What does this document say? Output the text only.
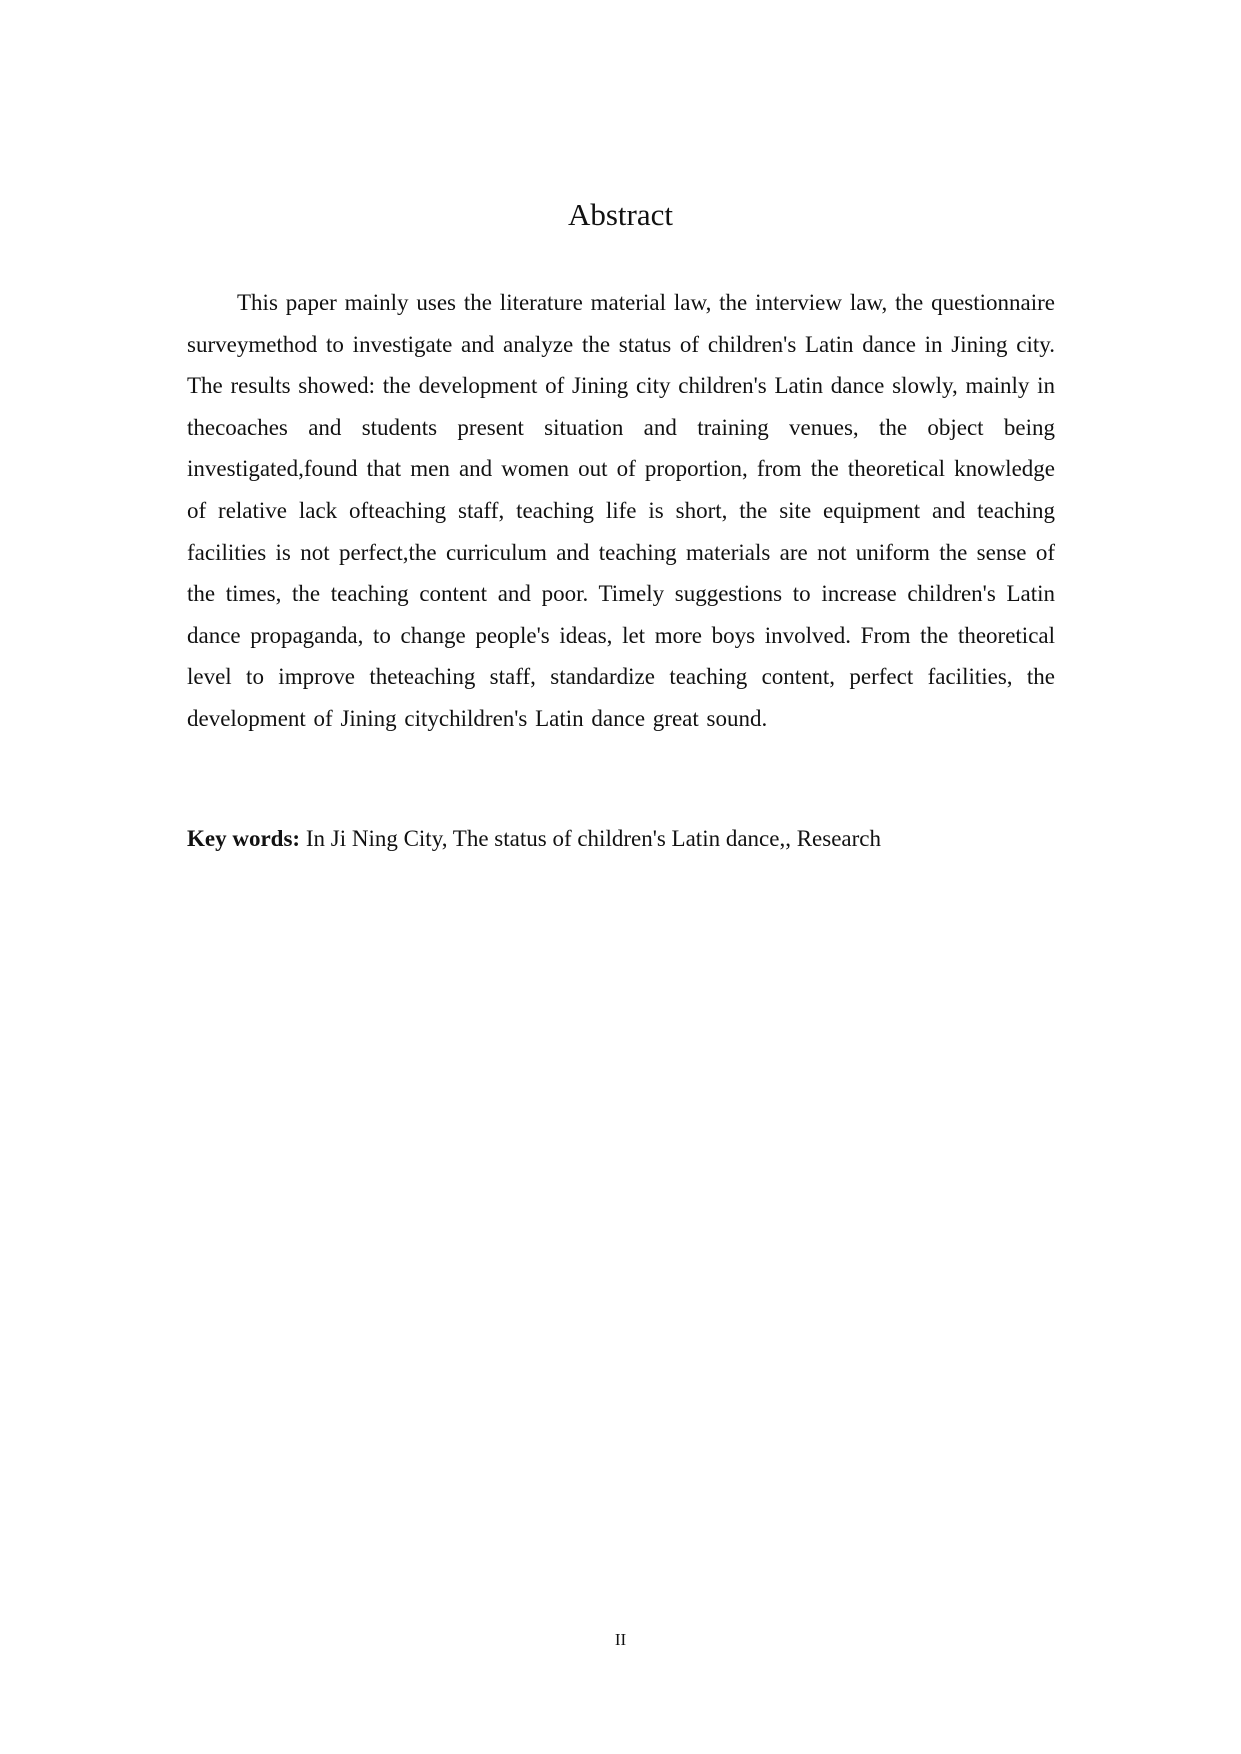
Abstract

This paper mainly uses the literature material law, the interview law, the questionnaire surveymethod to investigate and analyze the status of children's Latin dance in Jining city. The results showed: the development of Jining city children's Latin dance slowly, mainly in thecoaches and students present situation and training venues, the object being investigated,found that men and women out of proportion, from the theoretical knowledge of relative lack ofteaching staff, teaching life is short, the site equipment and teaching facilities is not perfect,the curriculum and teaching materials are not uniform the sense of the times, the teaching content and poor. Timely suggestions to increase children's Latin dance propaganda, to change people's ideas, let more boys involved. From the theoretical level to improve theteaching staff, standardize teaching content, perfect facilities, the development of Jining citychildren's Latin dance great sound.

Key words: In Ji Ning City, The status of children's Latin dance,, Research

II
